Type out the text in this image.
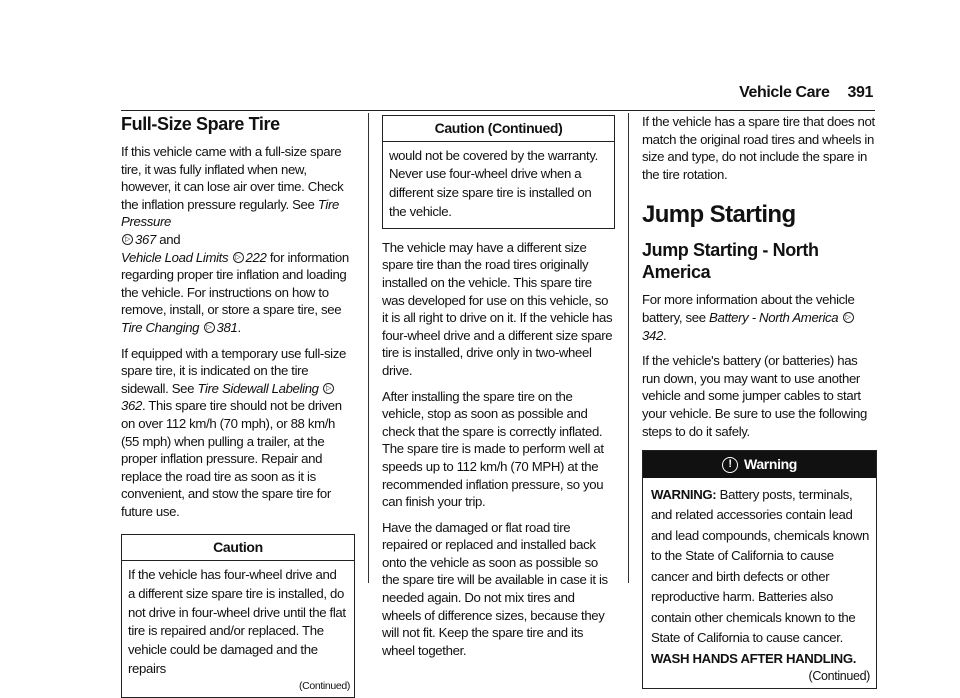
Vehicle Care 391
Full-Size Spare Tire

If this vehicle came with a full-size spare tire, it was fully inflated when new, however, it can lose air over time. Check the inflation pressure regularly. See Tire Pressure
▷ 367 and
Vehicle Load Limits ▷ 222 for information regarding proper tire inflation and loading the vehicle. For instructions on how to remove, install, or store a spare tire, see Tire Changing ▷ 381.

If equipped with a temporary use full-size spare tire, it is indicated on the tire sidewall. See Tire Sidewall Labeling ▷362. This spare tire should not be driven on over 112 km/h (70 mph), or 88 km/h (55 mph) when pulling a trailer, at the proper inflation pressure. Repair and replace the road tire as soon as it is convenient, and stow the spare tire for future use.

Caution
If the vehicle has four-wheel drive and a different size spare tire is installed, do not drive in four-wheel drive until the flat tire is repaired and/or replaced. The vehicle could be damaged and the repairs
(Continued)
Caution (Continued)
would not be covered by the warranty. Never use four-wheel drive when a different size spare tire is installed on the vehicle.

The vehicle may have a different size spare tire than the road tires originally installed on the vehicle. This spare tire was developed for use on this vehicle, so it is all right to drive on it. If the vehicle has four-wheel drive and a different size spare tire is installed, drive only in two-wheel drive.

After installing the spare tire on the vehicle, stop as soon as possible and check that the spare is correctly inflated. The spare tire is made to perform well at speeds up to 112 km/h (70 MPH) at the recommended inflation pressure, so you can finish your trip.

Have the damaged or flat road tire repaired or replaced and installed back onto the vehicle as soon as possible so the spare tire will be available in case it is needed again. Do not mix tires and wheels of difference sizes, because they will not fit. Keep the spare tire and its wheel together.

If the vehicle has a spare tire that does not match the original road tires and wheels in size and type, do not include the spare in the tire rotation.

Jump Starting
Jump Starting - North America

For more information about the vehicle battery, see Battery - North America ▷342.

If the vehicle's battery (or batteries) has run down, you may want to use another vehicle and some jumper cables to start your vehicle. Be sure to use the following steps to do it safely.

! Warning
WARNING: Battery posts, terminals, and related accessories contain lead and lead compounds, chemicals known to the State of California to cause cancer and birth defects or other reproductive harm. Batteries also contain other chemicals known to the State of California to cause cancer. WASH HANDS AFTER HANDLING.
(Continued)
